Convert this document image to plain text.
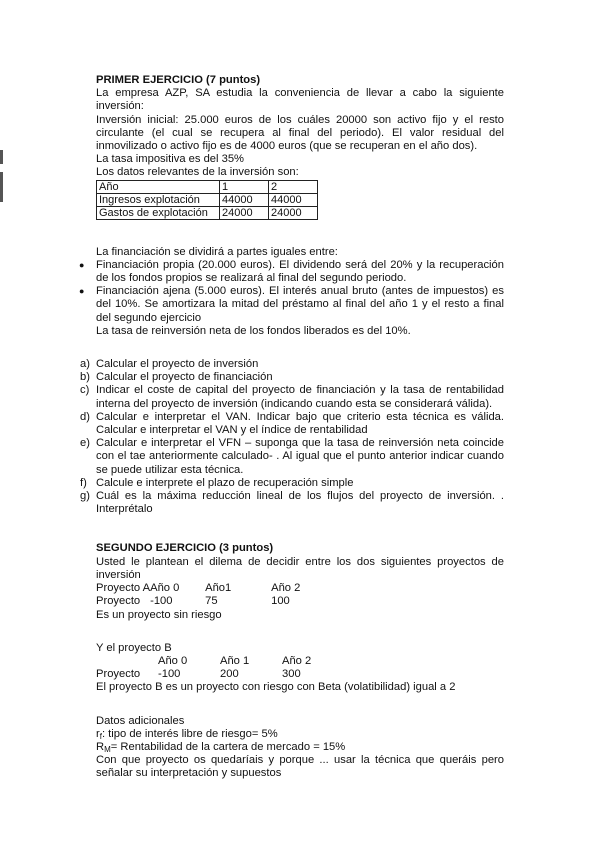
PRIMER EJERCICIO (7 puntos)

La empresa AZP, SA estudia la conveniencia de llevar a cabo la siguiente inversión:

Inversión inicial: 25.000 euros de los cuáles 20000 son activo fijo y el resto circulante (el cual se recupera al final del periodo). El valor residual del inmovilizado o activo fijo es de 4000 euros (que se recuperan en el año dos).

La tasa impositiva es del 35%

Los datos relevantes de la inversión son:

Año	1	2
Ingresos explotación	44000	44000
Gastos de explotación	24000	24000

La financiación se dividirá a partes iguales entre:

● Financiación propia (20.000 euros). El dividendo será del 20% y la recuperación de los fondos propios se realizará al final del segundo periodo.
● Financiación ajena (5.000 euros). El interés anual bruto (antes de impuestos) es del 10%. Se amortizara la mitad del préstamo al final del año 1 y el resto a final del segundo ejercicio

La tasa de reinversión neta de los fondos liberados es del 10%.

a) Calcular el proyecto de inversión
b) Calcular el proyecto de financiación
c) Indicar el coste de capital del proyecto de financiación y la tasa de rentabilidad interna del proyecto de inversión (indicando cuando esta se considerará válida).
d) Calcular e interpretar el VAN. Indicar bajo que criterio esta técnica es válida. Calcular e interpretar el VAN y el índice de rentabilidad
e) Calcular e interpretar el VFN – suponga que la tasa de reinversión neta coincide con el tae anteriormente calculado- . Al igual que el punto anterior indicar cuando se puede utilizar esta técnica.
f) Calcule e interprete el plazo de recuperación simple
g) Cuál es la máxima reducción lineal de los flujos del proyecto de inversión. . Interprétalo

SEGUNDO EJERCICIO (3 puntos)

Usted le plantean el dilema de decidir entre los dos siguientes proyectos de inversión

Proyecto A	Año 0	Año1	Año 2
Proyecto	-100	75	100

Es un proyecto sin riesgo

Y el proyecto B

	Año 0	Año 1	Año 2
Proyecto	-100	200	300

El proyecto B es un proyecto con riesgo con Beta (volatibilidad) igual a 2

Datos adicionales

$r_f$: tipo de interés libre de riesgo= 5%

$R_M=$ Rentabilidad de la cartera de mercado = 15%

Con que proyecto os quedaríais y porque ... usar la técnica que queráis pero señalar su interpretación y supuestos
